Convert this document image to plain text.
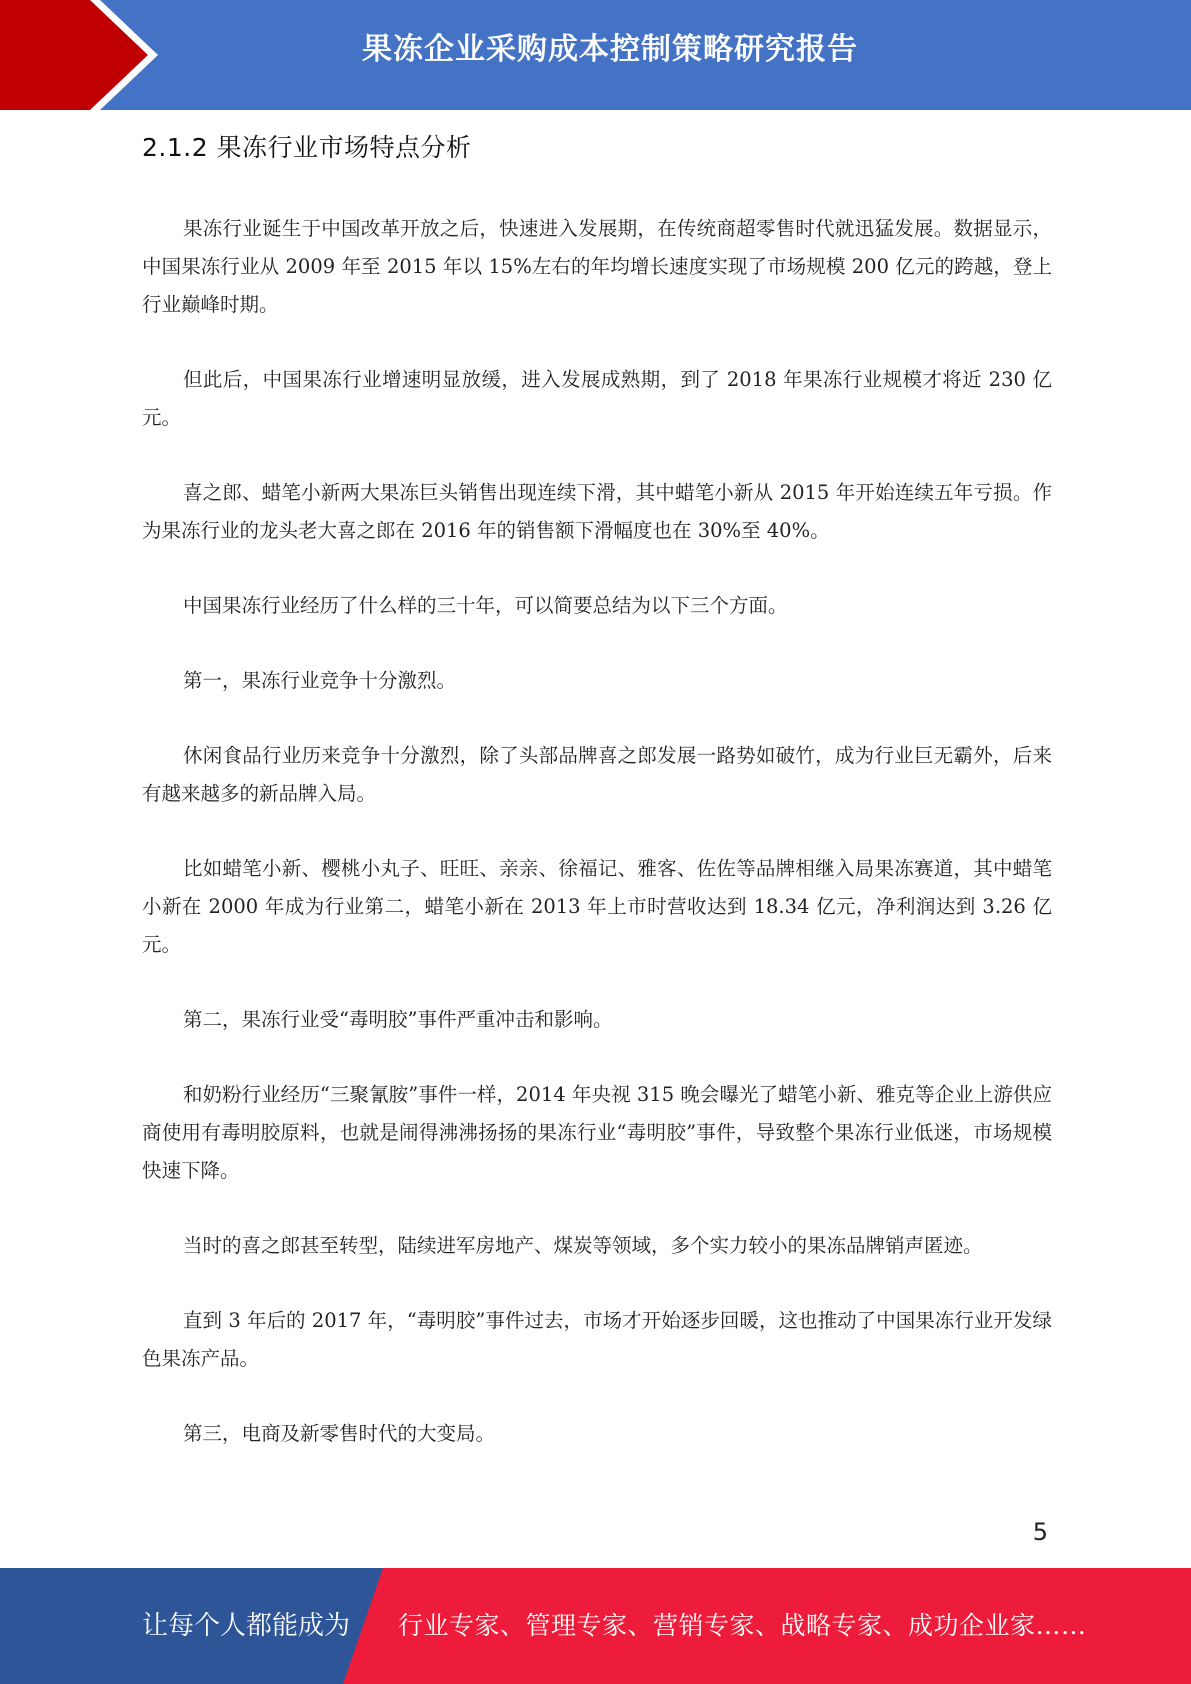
果冻企业采购成本控制策略研究报告
2.1.2 果冻行业市场特点分析

果冻行业诞生于中国改革开放之后，快速进入发展期，在传统商超零售时代就迅猛发展。数据显示，中国果冻行业从 2009 年至 2015 年以 15%左右的年均增长速度实现了市场规模 200 亿元的跨越，登上行业巅峰时期。

但此后，中国果冻行业增速明显放缓，进入发展成熟期，到了 2018 年果冻行业规模才将近 230 亿元。

喜之郎、蜡笔小新两大果冻巨头销售出现连续下滑，其中蜡笔小新从 2015 年开始连续五年亏损。作为果冻行业的龙头老大喜之郎在 2016 年的销售额下滑幅度也在 30%至 40%。

中国果冻行业经历了什么样的三十年，可以简要总结为以下三个方面。

第一，果冻行业竞争十分激烈。

休闲食品行业历来竞争十分激烈，除了头部品牌喜之郎发展一路势如破竹，成为行业巨无霸外，后来有越来越多的新品牌入局。

比如蜡笔小新、樱桃小丸子、旺旺、亲亲、徐福记、雅客、佐佐等品牌相继入局果冻赛道，其中蜡笔小新在 2000 年成为行业第二，蜡笔小新在 2013 年上市时营收达到 18.34 亿元，净利润达到 3.26 亿元。

第二，果冻行业受“毒明胶”事件严重冲击和影响。

和奶粉行业经历“三聚氰胺”事件一样，2014 年央视 315 晚会曝光了蜡笔小新、雅克等企业上游供应商使用有毒明胶原料，也就是闹得沸沸扬扬的果冻行业“毒明胶”事件，导致整个果冻行业低迷，市场规模快速下降。

当时的喜之郎甚至转型，陆续进军房地产、煤炭等领域，多个实力较小的果冻品牌销声匿迹。

直到 3 年后的 2017 年，“毒明胶”事件过去，市场才开始逐步回暖，这也推动了中国果冻行业开发绿色果冻产品。

第三，电商及新零售时代的大变局。

5
让每个人都能成为 行业专家、管理专家、营销专家、战略专家、成功企业家……
